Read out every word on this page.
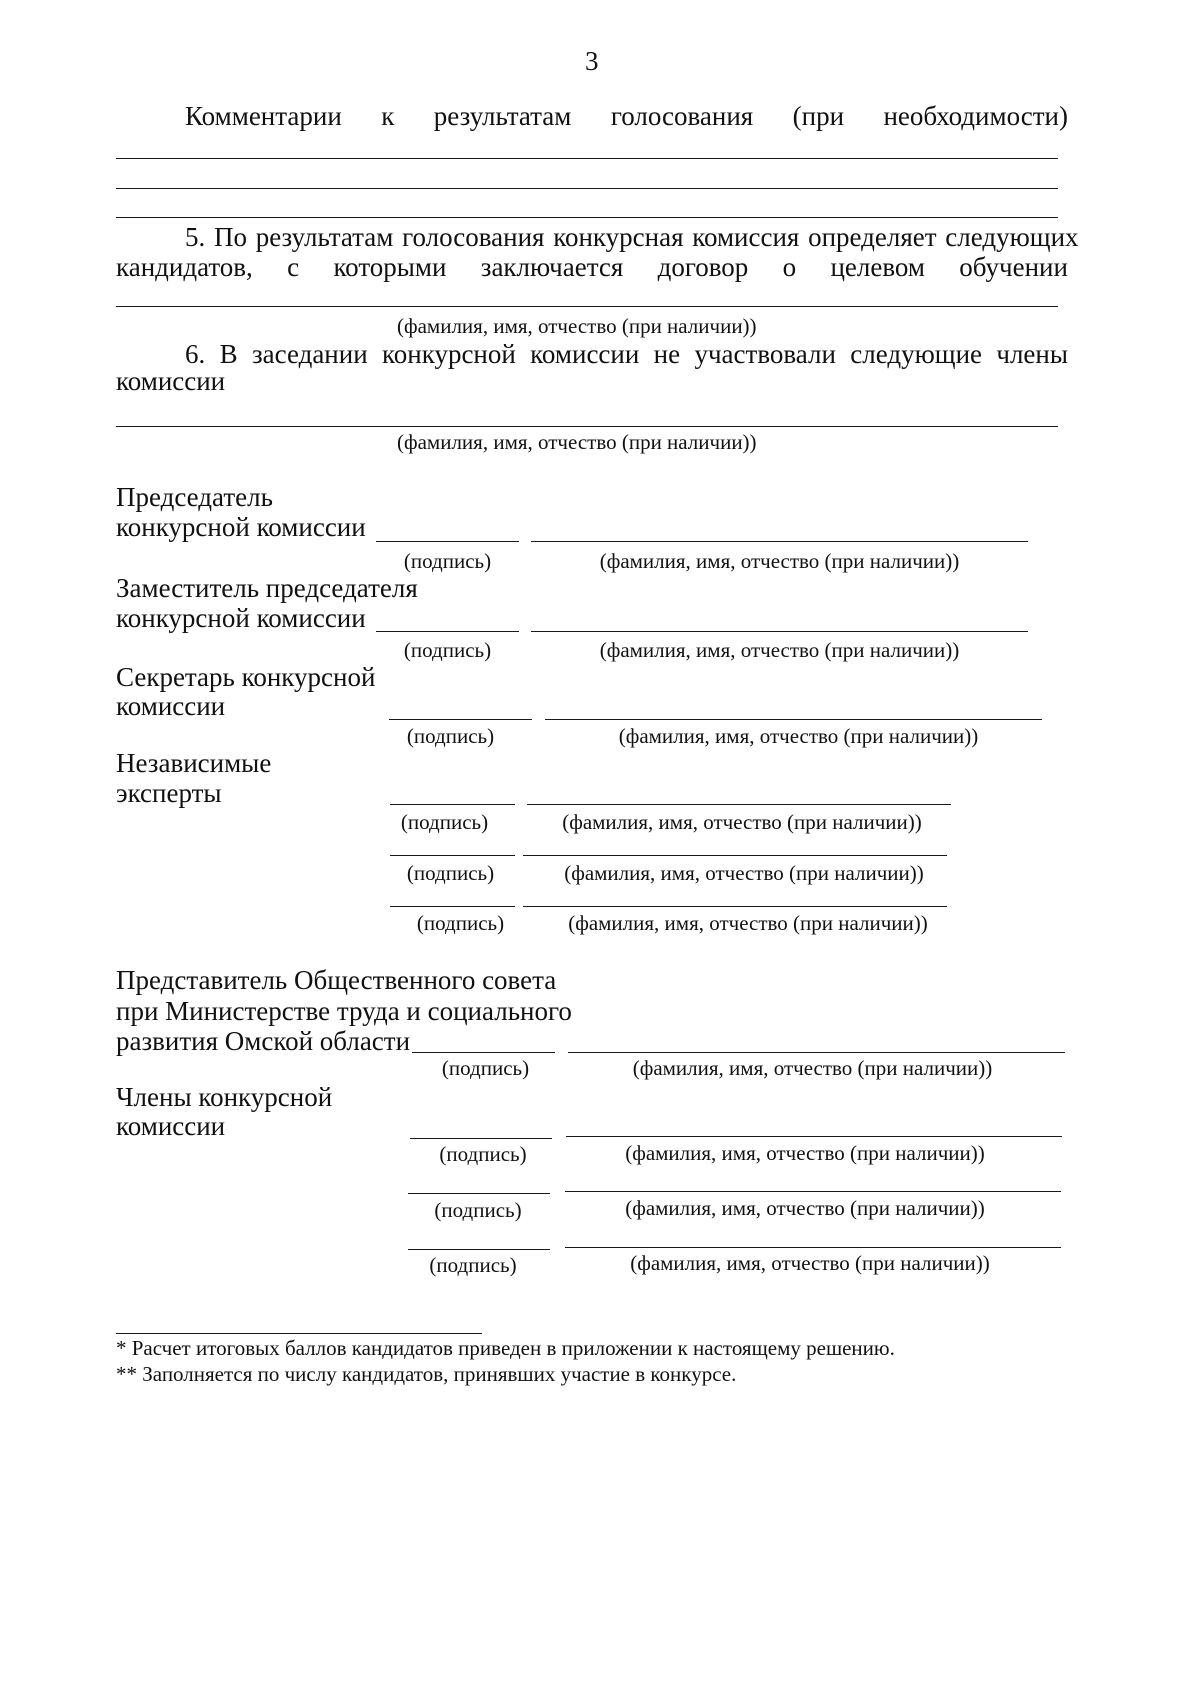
3
Комментарии к результатам голосования (при необходимости)
5. По результатам голосования конкурсная комиссия определяет следующих
кандидатов, с которыми заключается договор о целевом обучении
(фамилия, имя, отчество (при наличии))
6. В заседании конкурсной комиссии не участвовали следующие члены
комиссии
(фамилия, имя, отчество (при наличии))
Председатель
конкурсной комиссии
(подпись)	(фамилия, имя, отчество (при наличии))
Заместитель председателя
конкурсной комиссии
(подпись)	(фамилия, имя, отчество (при наличии))
Секретарь конкурсной
комиссии
(подпись)	(фамилия, имя, отчество (при наличии))
Независимые
эксперты
(подпись)	(фамилия, имя, отчество (при наличии))
(подпись)	(фамилия, имя, отчество (при наличии))
(подпись)	(фамилия, имя, отчество (при наличии))
Представитель Общественного совета
при Министерстве труда и социального
развития Омской области
(подпись)	(фамилия, имя, отчество (при наличии))
Члены конкурсной
комиссии
(подпись)	(фамилия, имя, отчество (при наличии))
(подпись)	(фамилия, имя, отчество (при наличии))
(подпись)	(фамилия, имя, отчество (при наличии))
* Расчет итоговых баллов кандидатов приведен в приложении к настоящему решению.
** Заполняется по числу кандидатов, принявших участие в конкурсе.
